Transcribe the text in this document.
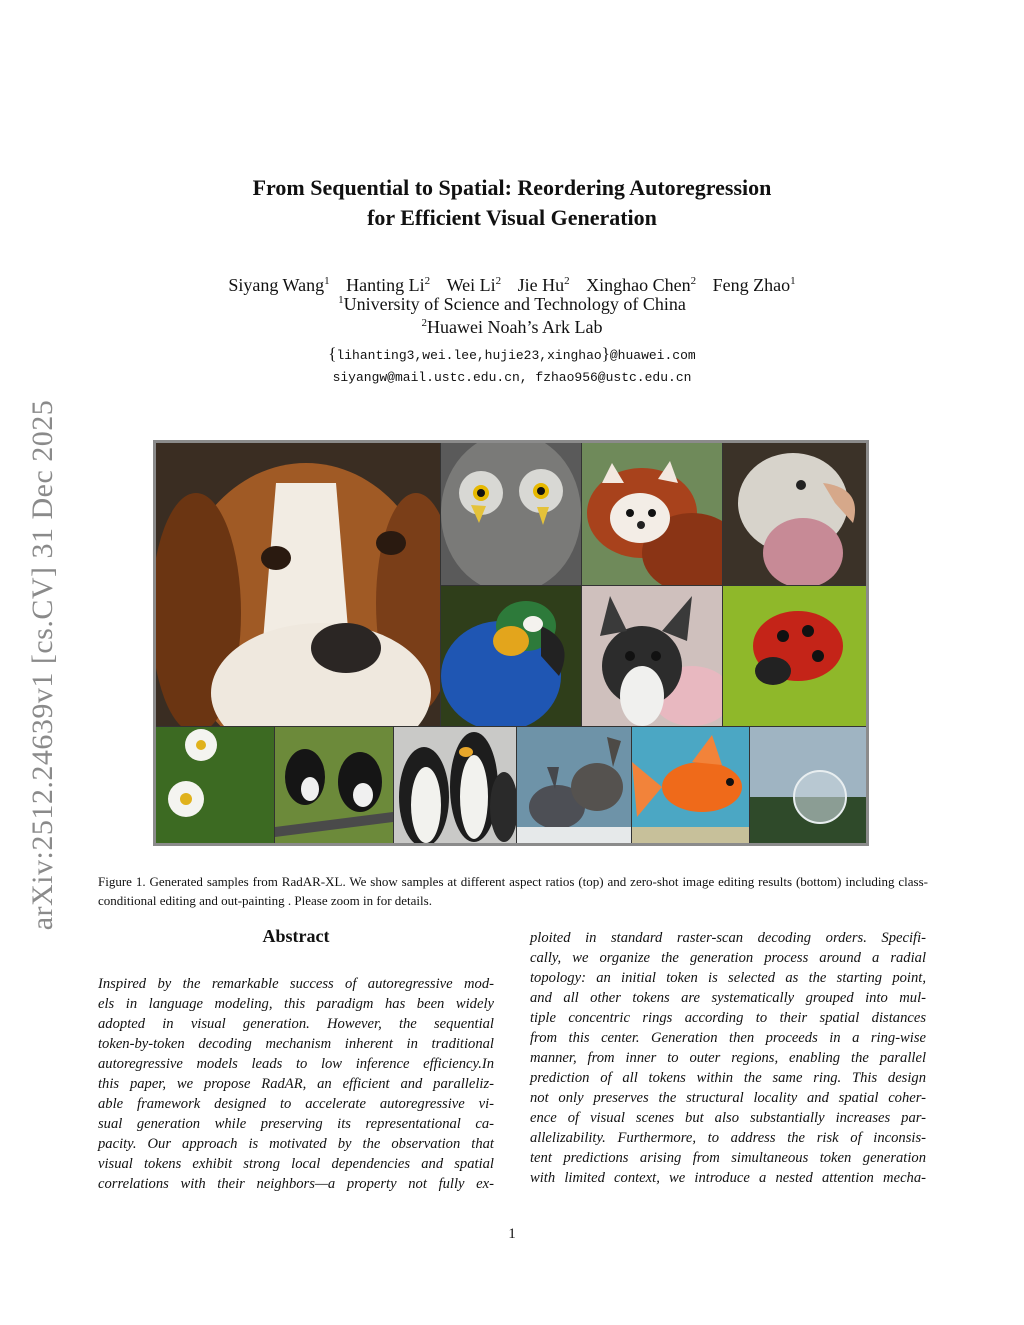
arXiv:2512.24639v1 [cs.CV] 31 Dec 2025
From Sequential to Spatial: Reordering Autoregression
for Efficient Visual Generation
Siyang Wang$^1$ Hanting Li$^2$ Wei Li$^2$ Jie Hu$^2$ Xinghao Chen$^2$ Feng Zhao$^1$
$^1$University of Science and Technology of China
$^2$Huawei Noah’s Ark Lab
{lihanting3,wei.lee,hujie23,xinghao}@huawei.com
siyangw@mail.ustc.edu.cn, fzhao956@ustc.edu.cn
Figure 1. Generated samples from RadAR-XL. We show samples at different aspect ratios (top) and zero-shot image editing results (bottom) including class-conditional editing and out-painting . Please zoom in for details.
Abstract
Inspired by the remarkable success of autoregressive mod-
els in language modeling, this paradigm has been widely
adopted in visual generation. However, the sequential
token-by-token decoding mechanism inherent in traditional
autoregressive models leads to low inference efficiency.In
this paper, we propose RadAR, an efficient and paralleliz-
able framework designed to accelerate autoregressive vi-
sual generation while preserving its representational ca-
pacity. Our approach is motivated by the observation that
visual tokens exhibit strong local dependencies and spatial
correlations with their neighbors—a property not fully ex-
ploited in standard raster-scan decoding orders. Specifi-
cally, we organize the generation process around a radial
topology: an initial token is selected as the starting point,
and all other tokens are systematically grouped into mul-
tiple concentric rings according to their spatial distances
from this center. Generation then proceeds in a ring-wise
manner, from inner to outer regions, enabling the parallel
prediction of all tokens within the same ring. This design
not only preserves the structural locality and spatial coher-
ence of visual scenes but also substantially increases par-
allelizability. Furthermore, to address the risk of inconsis-
tent predictions arising from simultaneous token generation
with limited context, we introduce a nested attention mecha-
1
